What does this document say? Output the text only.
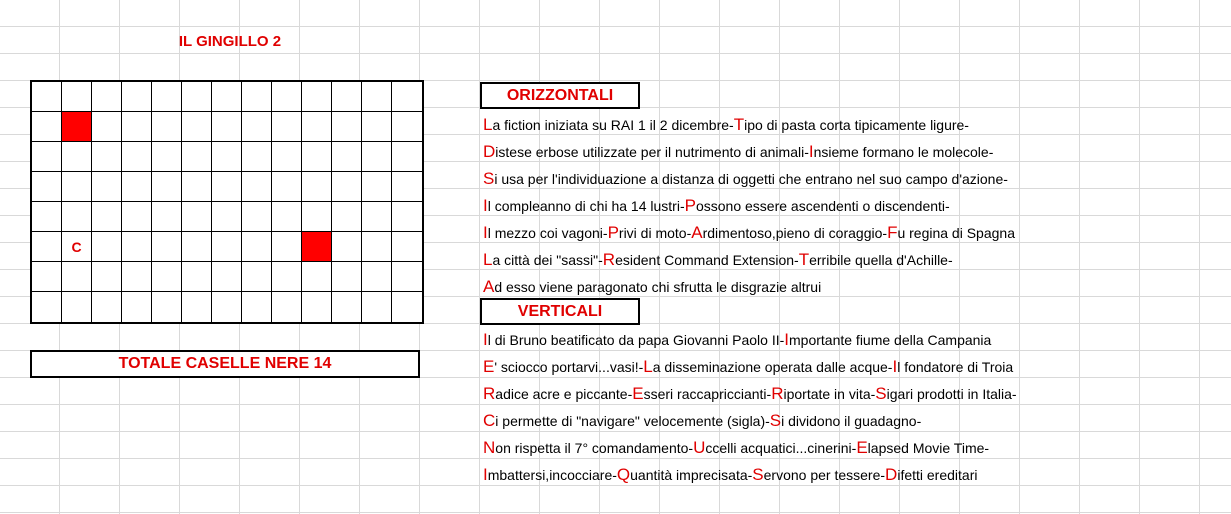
IL GINGILLO 2
C
TOTALE CASELLE NERE 14
ORIZZONTALI
La fiction iniziata su RAI 1 il 2 dicembre-Tipo di pasta corta tipicamente ligure-
Distese erbose utilizzate per il nutrimento di animali-Insieme formano le molecole-
Si usa per l'individuazione a distanza di oggetti che entrano nel suo campo d'azione-
Il compleanno di chi ha 14 lustri-Possono essere ascendenti o discendenti-
Il mezzo coi vagoni-Privi di moto-Ardimentoso,pieno di coraggio-Fu regina di Spagna
La città dei "sassi"-Resident Command Extension-Terribile quella d'Achille-
Ad esso viene paragonato chi sfrutta le disgrazie altrui
VERTICALI
Il di Bruno beatificato da papa Giovanni Paolo II-Importante fiume della Campania
E' sciocco portarvi...vasi!-La disseminazione operata dalle acque-Il fondatore di Troia
Radice acre e piccante-Esseri raccapriccianti-Riportate in vita-Sigari prodotti in Italia-
Ci permette di "navigare" velocemente (sigla)-Si dividono il guadagno-
Non rispetta il 7° comandamento-Uccelli acquatici...cinerini-Elapsed Movie Time-
Imbattersi,incocciare-Quantità imprecisata-Servono per tessere-Difetti ereditari
